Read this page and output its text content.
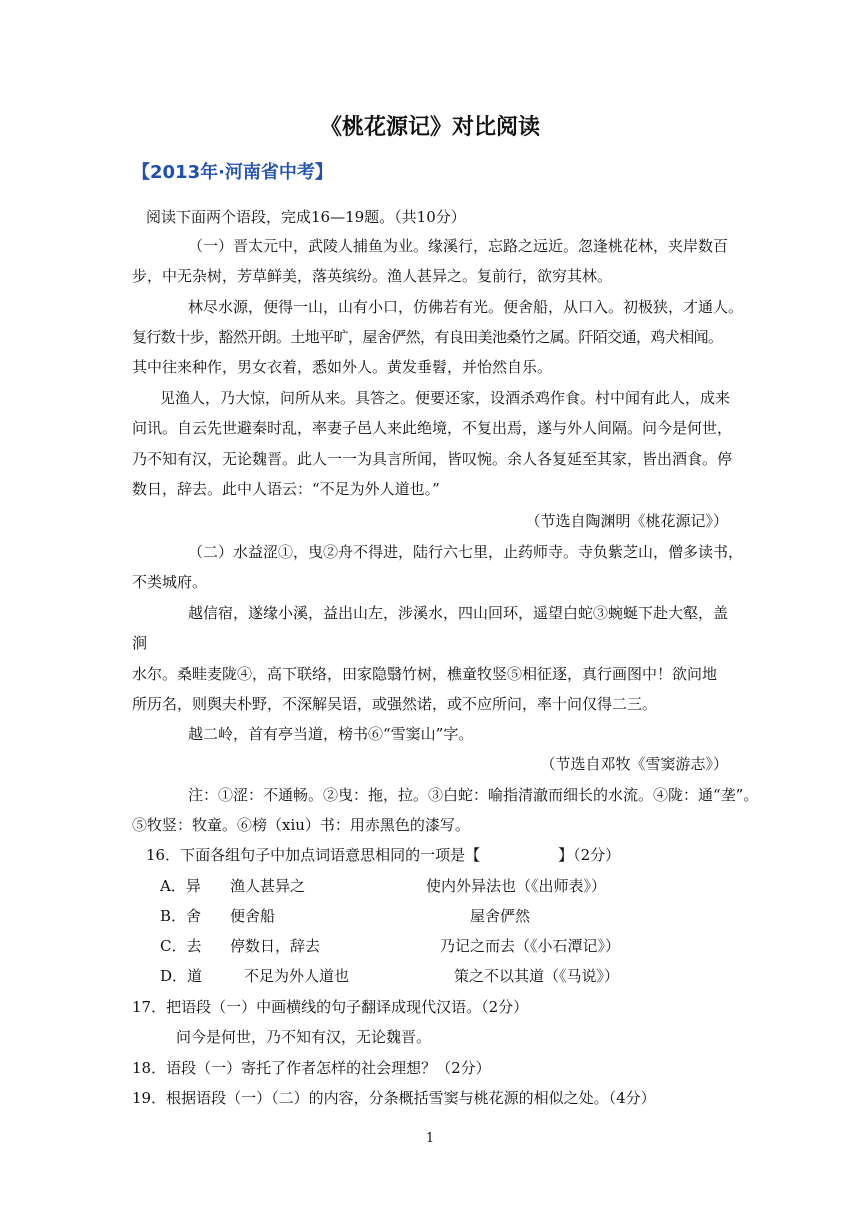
《桃花源记》对比阅读
【2013年·河南省中考】
阅读下面两个语段，完成16—19题。（共10分）
（一）晋太元中，武陵人捕鱼为业。缘溪行，忘路之远近。忽逢桃花林，夹岸数百
步，中无杂树，芳草鲜美，落英缤纷。渔人甚异之。复前行，欲穷其林。
林尽水源，便得一山，山有小口，仿佛若有光。便舍船，从口入。初极狭，才通人。
复行数十步，豁然开朗。土地平旷，屋舍俨然，有良田美池桑竹之属。阡陌交通，鸡犬相闻。
其中往来种作，男女衣着，悉如外人。黄发垂髫，并怡然自乐。
见渔人，乃大惊，问所从来。具答之。便要还家，设酒杀鸡作食。村中闻有此人，成来
问讯。自云先世避秦时乱，率妻子邑人来此绝境，不复出焉，遂与外人间隔。问今是何世，
乃不知有汉，无论魏晋。此人一一为具言所闻，皆叹惋。余人各复延至其家，皆出酒食。停
数日，辞去。此中人语云：“不足为外人道也。”
（节选自陶渊明《桃花源记》）
（二）水益涩①，曳②舟不得进，陆行六七里，止药师寺。寺负紫芝山，僧多读书，
不类城府。
越信宿，遂缘小溪，益出山左，涉溪水，四山回环，遥望白蛇③蜿蜒下赴大壑，盖
涧
水尔。桑畦麦陇④，高下联络，田家隐翳竹树，樵童牧竖⑤相征逐，真行画图中！欲问地
所历名，则舆夫朴野，不深解吴语，或强然诺，或不应所问，率十问仅得二三。
越二岭，首有亭当道，榜书⑥“雪窦山”字。
（节选自邓牧《雪窦游志》）
注：①涩：不通畅。②曳：拖，拉。③白蛇：喻指清澈而细长的水流。④陇：通“垄”。
⑤牧竖：牧童。⑥榜（xiu）书：用赤黑色的漆写。
16．下面各组句子中加点词语意思相同的一项是【	】（2分）
A．异 渔人甚异之	使内外异法也（《出师表》）
B．舍 便舍船	屋舍俨然
C．去 停数日，辞去	乃记之而去（《小石潭记》）
D．道	不足为外人道也	策之不以其道（《马说》）
17．把语段（一）中画横线的句子翻译成现代汉语。（2分）
问今是何世，乃不知有汉，无论魏晋。
18．语段（一）寄托了作者怎样的社会理想？（2分）
19．根据语段（一）（二）的内容，分条概括雪窦与桃花源的相似之处。（4分）
1
